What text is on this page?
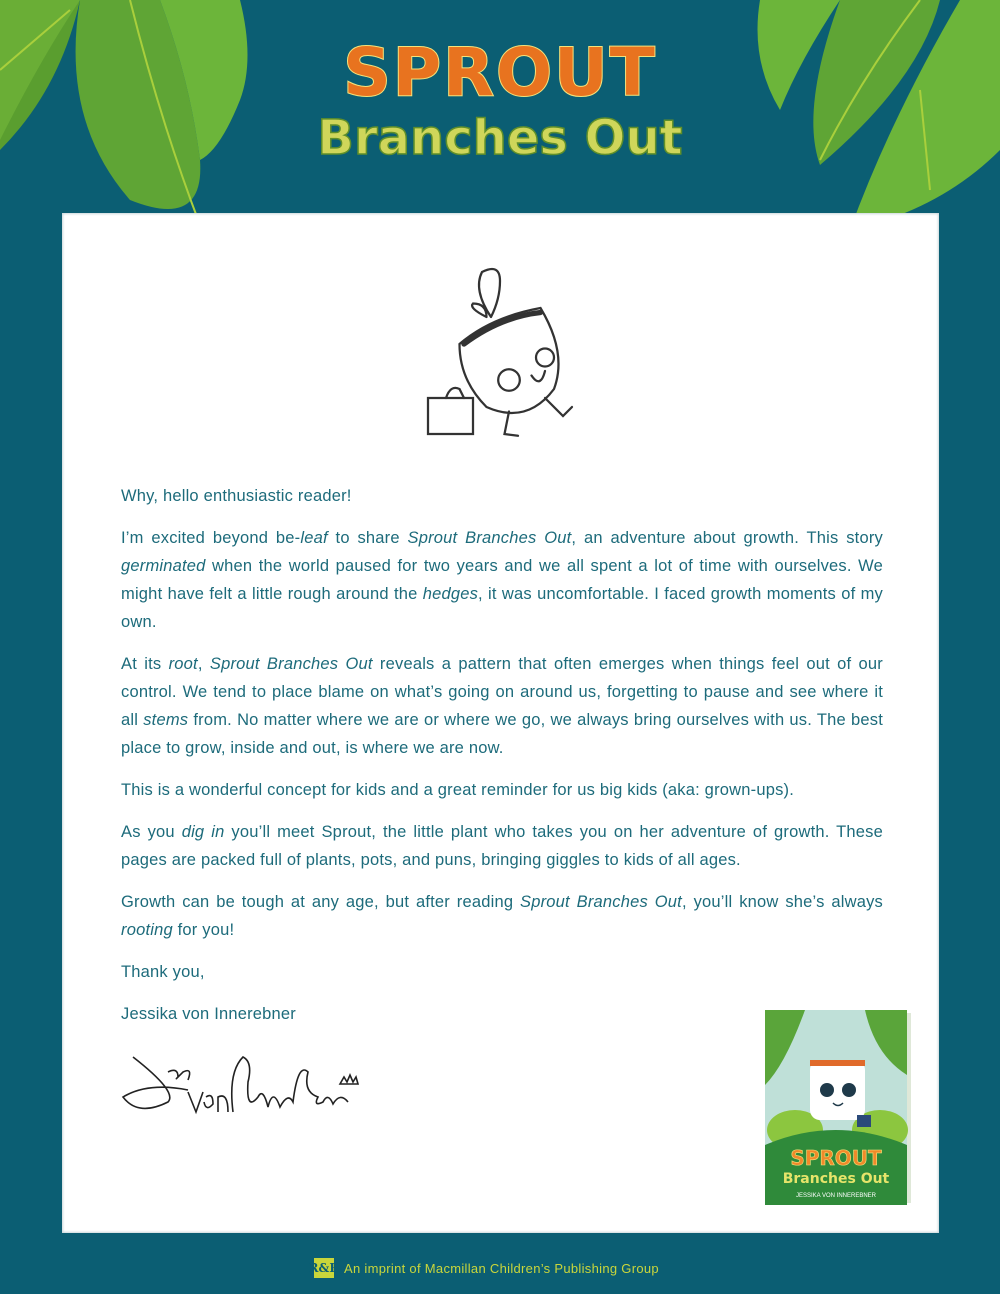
SPROUT
Branches Out

Why, hello enthusiastic reader!

I’m excited beyond be-leaf to share Sprout Branches Out, an adventure about growth. This story germinated when the world paused for two years and we all spent a lot of time with ourselves. We might have felt a little rough around the hedges, it was uncomfortable. I faced growth moments of my own.

At its root, Sprout Branches Out reveals a pattern that often emerges when things feel out of our control. We tend to place blame on what’s going on around us, forgetting to pause and see where it all stems from. No matter where we are or where we go, we always bring ourselves with us. The best place to grow, inside and out, is where we are now.

This is a wonderful concept for kids and a great reminder for us big kids (aka: grown-ups).

As you dig in you’ll meet Sprout, the little plant who takes you on her adventure of growth. These pages are packed full of plants, pots, and puns, bringing giggles to kids of all ages.

Growth can be tough at any age, but after reading Sprout Branches Out, you’ll know she’s always rooting for you!

Thank you,

Jessika von Innerebner

SPROUT
Branches Out
JESSIKA VON INNEREBNER
R&B An imprint of Macmillan Children’s Publishing Group
